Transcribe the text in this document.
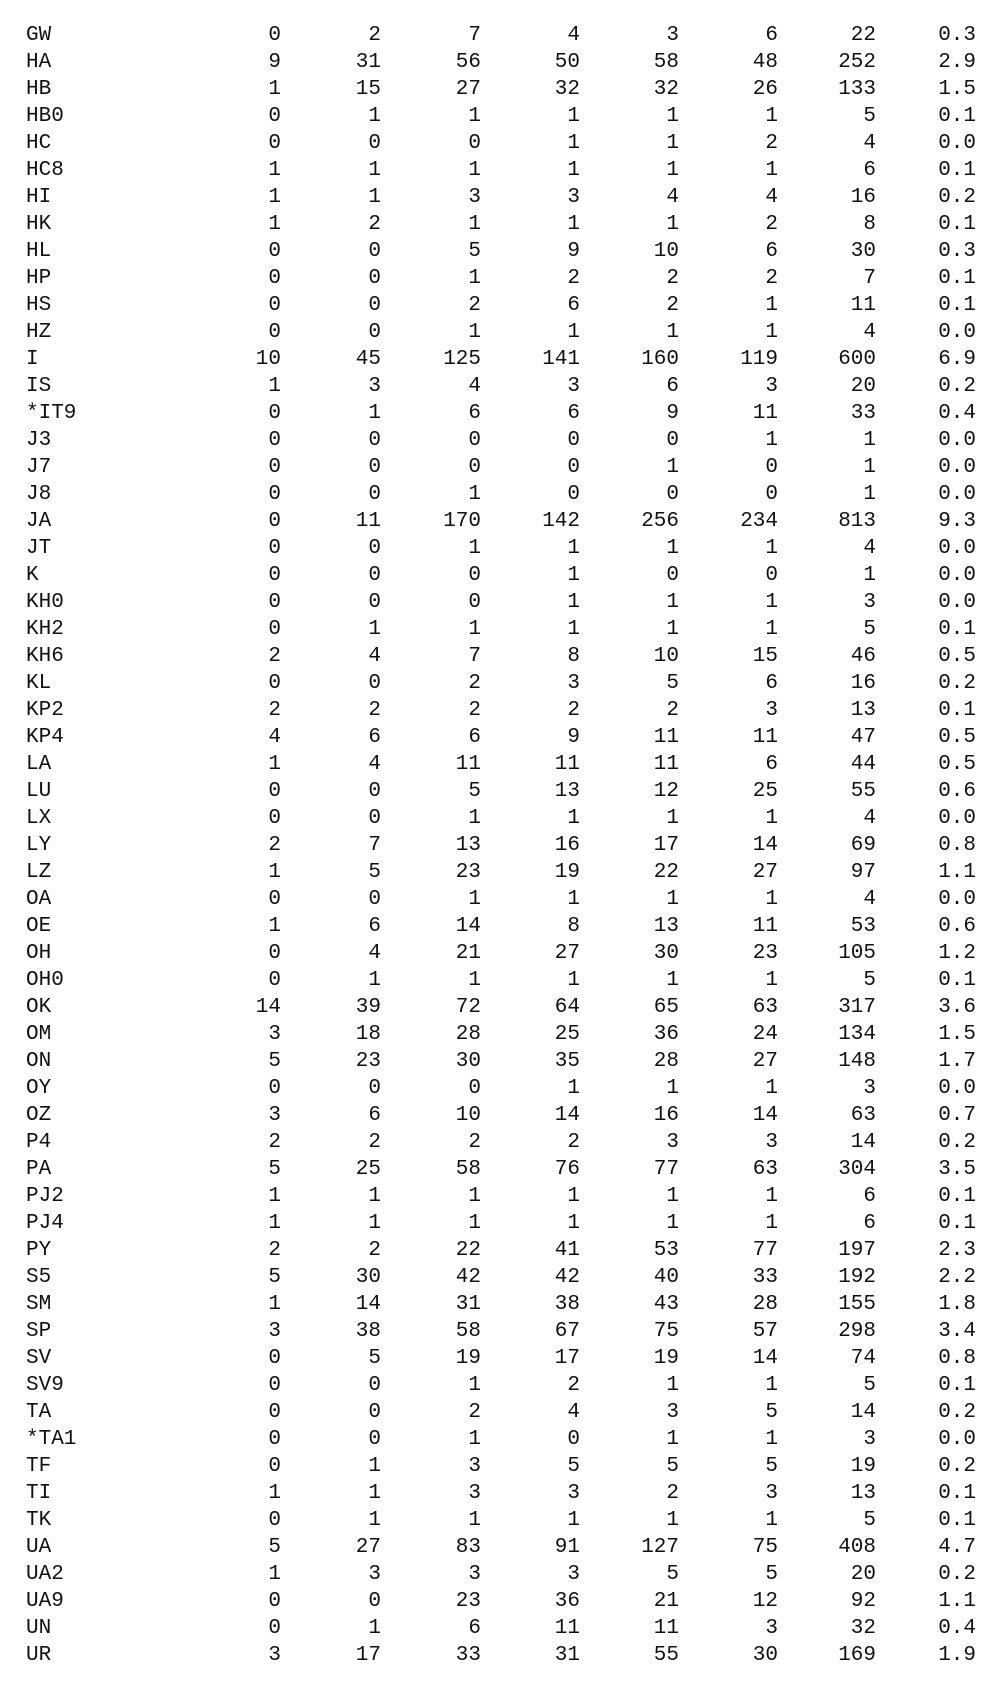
GW	0	2	7	4	3	6	22	0.3
HA	9	31	56	50	58	48	252	2.9
HB	1	15	27	32	32	26	133	1.5
HB0	0	1	1	1	1	1	5	0.1
HC	0	0	0	1	1	2	4	0.0
HC8	1	1	1	1	1	1	6	0.1
HI	1	1	3	3	4	4	16	0.2
HK	1	2	1	1	1	2	8	0.1
HL	0	0	5	9	10	6	30	0.3
HP	0	0	1	2	2	2	7	0.1
HS	0	0	2	6	2	1	11	0.1
HZ	0	0	1	1	1	1	4	0.0
I	10	45	125	141	160	119	600	6.9
IS	1	3	4	3	6	3	20	0.2
*IT9	0	1	6	6	9	11	33	0.4
J3	0	0	0	0	0	1	1	0.0
J7	0	0	0	0	1	0	1	0.0
J8	0	0	1	0	0	0	1	0.0
JA	0	11	170	142	256	234	813	9.3
JT	0	0	1	1	1	1	4	0.0
K	0	0	0	1	0	0	1	0.0
KH0	0	0	0	1	1	1	3	0.0
KH2	0	1	1	1	1	1	5	0.1
KH6	2	4	7	8	10	15	46	0.5
KL	0	0	2	3	5	6	16	0.2
KP2	2	2	2	2	2	3	13	0.1
KP4	4	6	6	9	11	11	47	0.5
LA	1	4	11	11	11	6	44	0.5
LU	0	0	5	13	12	25	55	0.6
LX	0	0	1	1	1	1	4	0.0
LY	2	7	13	16	17	14	69	0.8
LZ	1	5	23	19	22	27	97	1.1
OA	0	0	1	1	1	1	4	0.0
OE	1	6	14	8	13	11	53	0.6
OH	0	4	21	27	30	23	105	1.2
OH0	0	1	1	1	1	1	5	0.1
OK	14	39	72	64	65	63	317	3.6
OM	3	18	28	25	36	24	134	1.5
ON	5	23	30	35	28	27	148	1.7
OY	0	0	0	1	1	1	3	0.0
OZ	3	6	10	14	16	14	63	0.7
P4	2	2	2	2	3	3	14	0.2
PA	5	25	58	76	77	63	304	3.5
PJ2	1	1	1	1	1	1	6	0.1
PJ4	1	1	1	1	1	1	6	0.1
PY	2	2	22	41	53	77	197	2.3
S5	5	30	42	42	40	33	192	2.2
SM	1	14	31	38	43	28	155	1.8
SP	3	38	58	67	75	57	298	3.4
SV	0	5	19	17	19	14	74	0.8
SV9	0	0	1	2	1	1	5	0.1
TA	0	0	2	4	3	5	14	0.2
*TA1	0	0	1	0	1	1	3	0.0
TF	0	1	3	5	5	5	19	0.2
TI	1	1	3	3	2	3	13	0.1
TK	0	1	1	1	1	1	5	0.1
UA	5	27	83	91	127	75	408	4.7
UA2	1	3	3	3	5	5	20	0.2
UA9	0	0	23	36	21	12	92	1.1
UN	0	1	6	11	11	3	32	0.4
UR	3	17	33	31	55	30	169	1.9
